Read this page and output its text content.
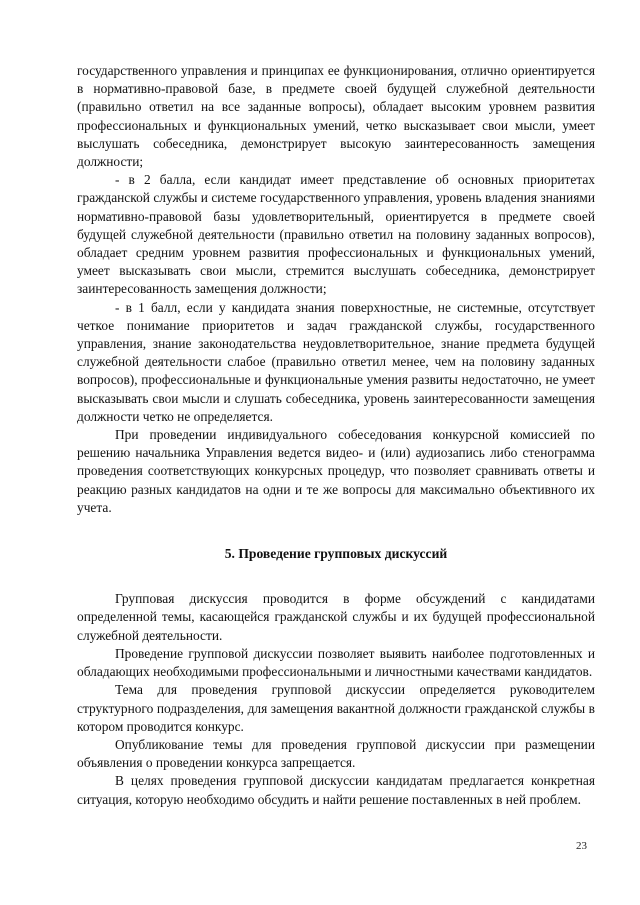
государственного управления и принципах ее функционирования, отлично ориентируется в нормативно-правовой базе, в предмете своей будущей служебной деятельности (правильно ответил на все заданные вопросы), обладает высоким уровнем развития профессиональных и функциональных умений, четко высказывает свои мысли, умеет выслушать собеседника, демонстрирует высокую заинтересованность замещения должности;

- в 2 балла, если кандидат имеет представление об основных приоритетах гражданской службы и системе государственного управления, уровень владения знаниями нормативно-правовой базы удовлетворительный, ориентируется в предмете своей будущей служебной деятельности (правильно ответил на половину заданных вопросов), обладает средним уровнем развития профессиональных и функциональных умений, умеет высказывать свои мысли, стремится выслушать собеседника, демонстрирует заинтересованность замещения должности;

- в 1 балл, если у кандидата знания поверхностные, не системные, отсутствует четкое понимание приоритетов и задач гражданской службы, государственного управления, знание законодательства неудовлетворительное, знание предмета будущей служебной деятельности слабое (правильно ответил менее, чем на половину заданных вопросов), профессиональные и функциональные умения развиты недостаточно, не умеет высказывать свои мысли и слушать собеседника, уровень заинтересованности замещения должности четко не определяется.

При проведении индивидуального собеседования конкурсной комиссией по решению начальника Управления ведется видео- и (или) аудиозапись либо стенограмма проведения соответствующих конкурсных процедур, что позволяет сравнивать ответы и реакцию разных кандидатов на одни и те же вопросы для максимально объективного их учета.

5. Проведение групповых дискуссий

Групповая дискуссия проводится в форме обсуждений с кандидатами определенной темы, касающейся гражданской службы и их будущей профессиональной служебной деятельности.

Проведение групповой дискуссии позволяет выявить наиболее подготовленных и обладающих необходимыми профессиональными и личностными качествами кандидатов.

Тема для проведения групповой дискуссии определяется руководителем структурного подразделения, для замещения вакантной должности гражданской службы в котором проводится конкурс.

Опубликование темы для проведения групповой дискуссии при размещении объявления о проведении конкурса запрещается.

В целях проведения групповой дискуссии кандидатам предлагается конкретная ситуация, которую необходимо обсудить и найти решение поставленных в ней проблем.

23
